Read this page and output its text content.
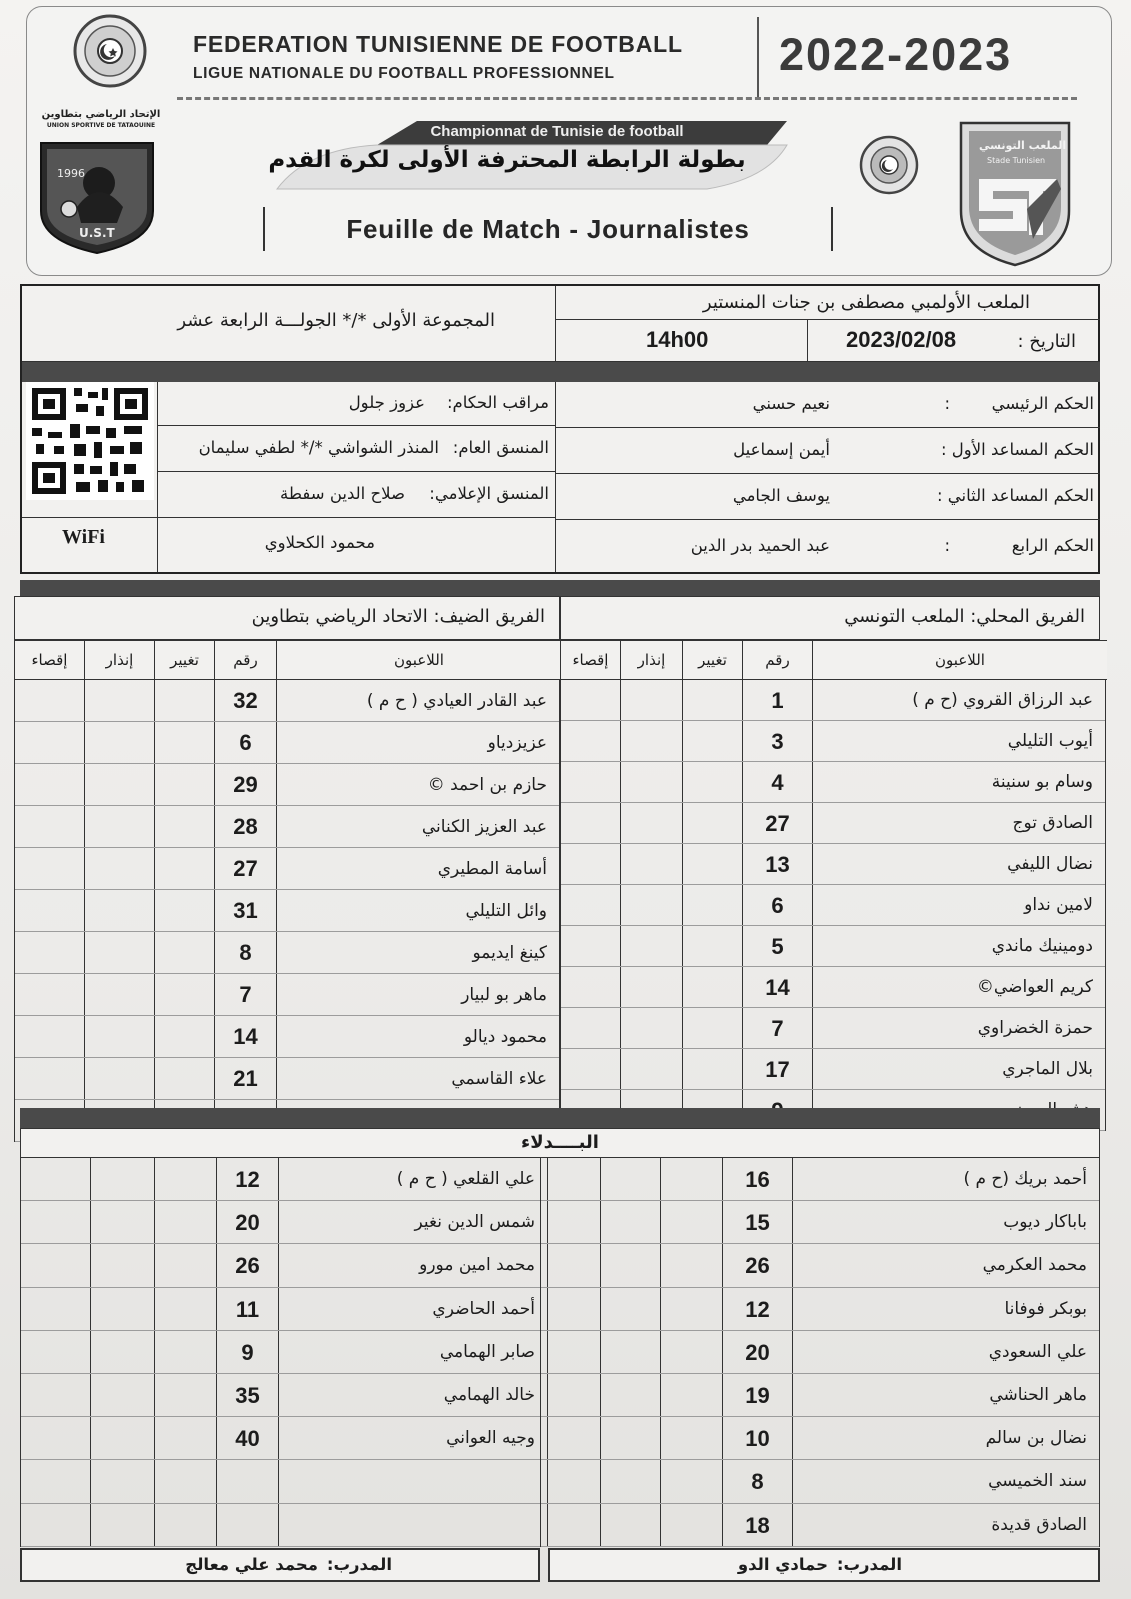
FEDERATION TUNISIENNE DE FOOTBALL
LIGUE NATIONALE DU FOOTBALL PROFESSIONNEL	2022-2023
الإتحاد الرياضي بتطاوين
UNION SPORTIVE DE TATAOUINE
1996
U.S.T
Championnat de Tunisie de football
بطولة الرابطة المحترفة الأولى لكرة القدم
الملعب التونسي
Stade Tunisien
Feuille de Match - Journalistes
المجموعة الأولى */* الجولـــة الرابعة عشر
الملعب الأولمبي مصطفى بن جنات المنستير
14h00	التاريخ :
2023/02/08
WiFi
مراقب الحكام:
عزوز جلول
المنسق العام:
المنذر الشواشي */* لطفي سليمان
المنسق الإعلامي:
صلاح الدين سفطة
محمود الكحلاوي
الحكم الرئيسي
:
نعيم حسني
الحكم المساعد الأول :
أيمن إسماعيل
الحكم المساعد الثاني :
يوسف الجامي
الحكم الرابع
:
عبد الحميد بدر الدين
الفريق الضيف: الاتحاد الرياضي بتطاوين	الفريق المحلي: الملعب التونسي
إقصاء	إنذار	تغيير	رقم	اللاعبون
32	عبد القادر العيادي ( ح م )
6	عزيزدياو
29	حازم بن احمد ©
28	عبد العزيز الكناني
27	أسامة المطيري
31	وائل التليلي
8	كينغ ايديمو
7	ماهر بو لبيار
14	محمود ديالو
21	علاء القاسمي
إقصاء	إنذار	تغيير	رقم	اللاعبون
1	عبد الرزاق القروي (ح م )
3	أيوب التليلي
4	وسام بو سنينة
27	الصادق توج
13	نضال الليفي
6	لامين نداو
5	دومينيك ماندي
14	كريم العواضي©
7	حمزة الخضراوي
17	بلال الماجري
البــــدلاء
12	علي القلعي ( ح م )
20	شمس الدين نغير
26	محمد امين مورو
11	أحمد الحاضري
9	صابر الهمامي
35	خالد الهمامي
40	وجيه العواني
16	أحمد بريك (ح م )
15	باباكار ديوب
26	محمد العكرمي
12	بوبكر فوفانا
20	علي السعودي
19	ماهر الحناشي
10	نضال بن سالم
8	سند الخميسي
18	الصادق قديدة
المدرب:
محمد علي معالج	المدرب:
حمادي الدو
